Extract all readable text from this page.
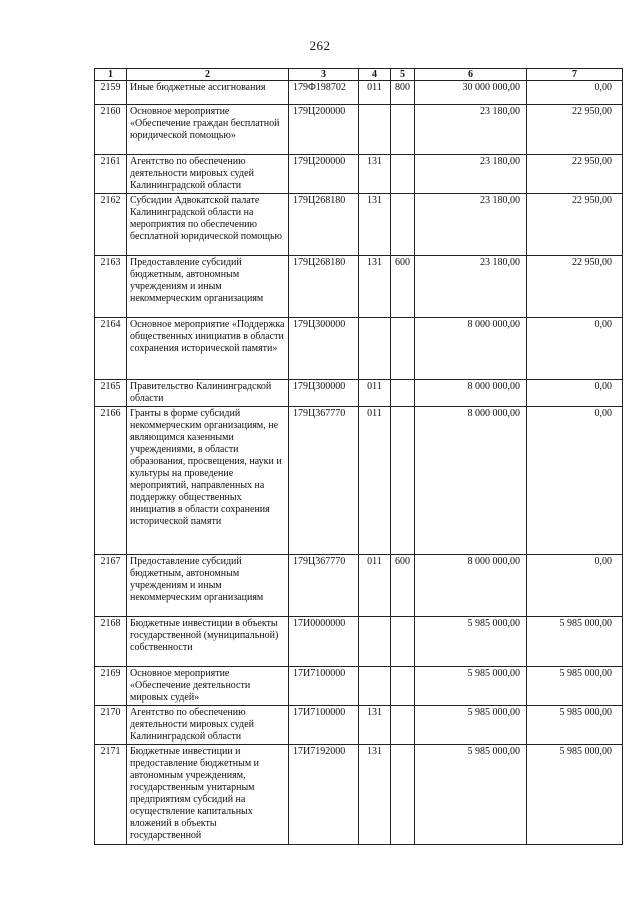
262
1	2	3	4	5	6	7
2159	Иные бюджетные ассигнования	179Ф198702	011	800	30 000 000,00	0,00
2160	Основное мероприятие «Обеспечение граждан бесплатной юридической помощью»	179Ц200000			23 180,00	22 950,00
2161	Агентство по обеспечению деятельности мировых судей Калининградской области	179Ц200000	131		23 180,00	22 950,00
2162	Субсидии Адвокатской палате Калининградской области на мероприятия по обеспечению бесплатной юридической помощью	179Ц268180	131		23 180,00	22 950,00
2163	Предоставление субсидий бюджетным, автономным учреждениям и иным некоммерческим организациям	179Ц268180	131	600	23 180,00	22 950,00
2164	Основное мероприятие «Поддержка общественных инициатив в области сохранения исторической памяти»	179Ц300000			8 000 000,00	0,00
2165	Правительство Калининградской области	179Ц300000	011		8 000 000,00	0,00
2166	Гранты в форме субсидий некоммерческим организациям, не являющимся казенными учреждениями, в области образования, просвещения, науки и культуры на проведение мероприятий, направленных на поддержку общественных инициатив в области сохранения исторической памяти	179Ц367770	011		8 000 000,00	0,00
2167	Предоставление субсидий бюджетным, автономным учреждениям и иным некоммерческим организациям	179Ц367770	011	600	8 000 000,00	0,00
2168	Бюджетные инвестиции в объекты государственной (муниципальной) собственности	17И0000000			5 985 000,00	5 985 000,00
2169	Основное мероприятие «Обеспечение деятельности мировых судей»	17И7100000			5 985 000,00	5 985 000,00
2170	Агентство по обеспечению деятельности мировых судей Калининградской области	17И7100000	131		5 985 000,00	5 985 000,00
2171	Бюджетные инвестиции и предоставление бюджетным и автономным учреждениям, государственным унитарным предприятиям субсидий на осуществление капитальных вложений в объекты государственной	17И7192000	131		5 985 000,00	5 985 000,00
